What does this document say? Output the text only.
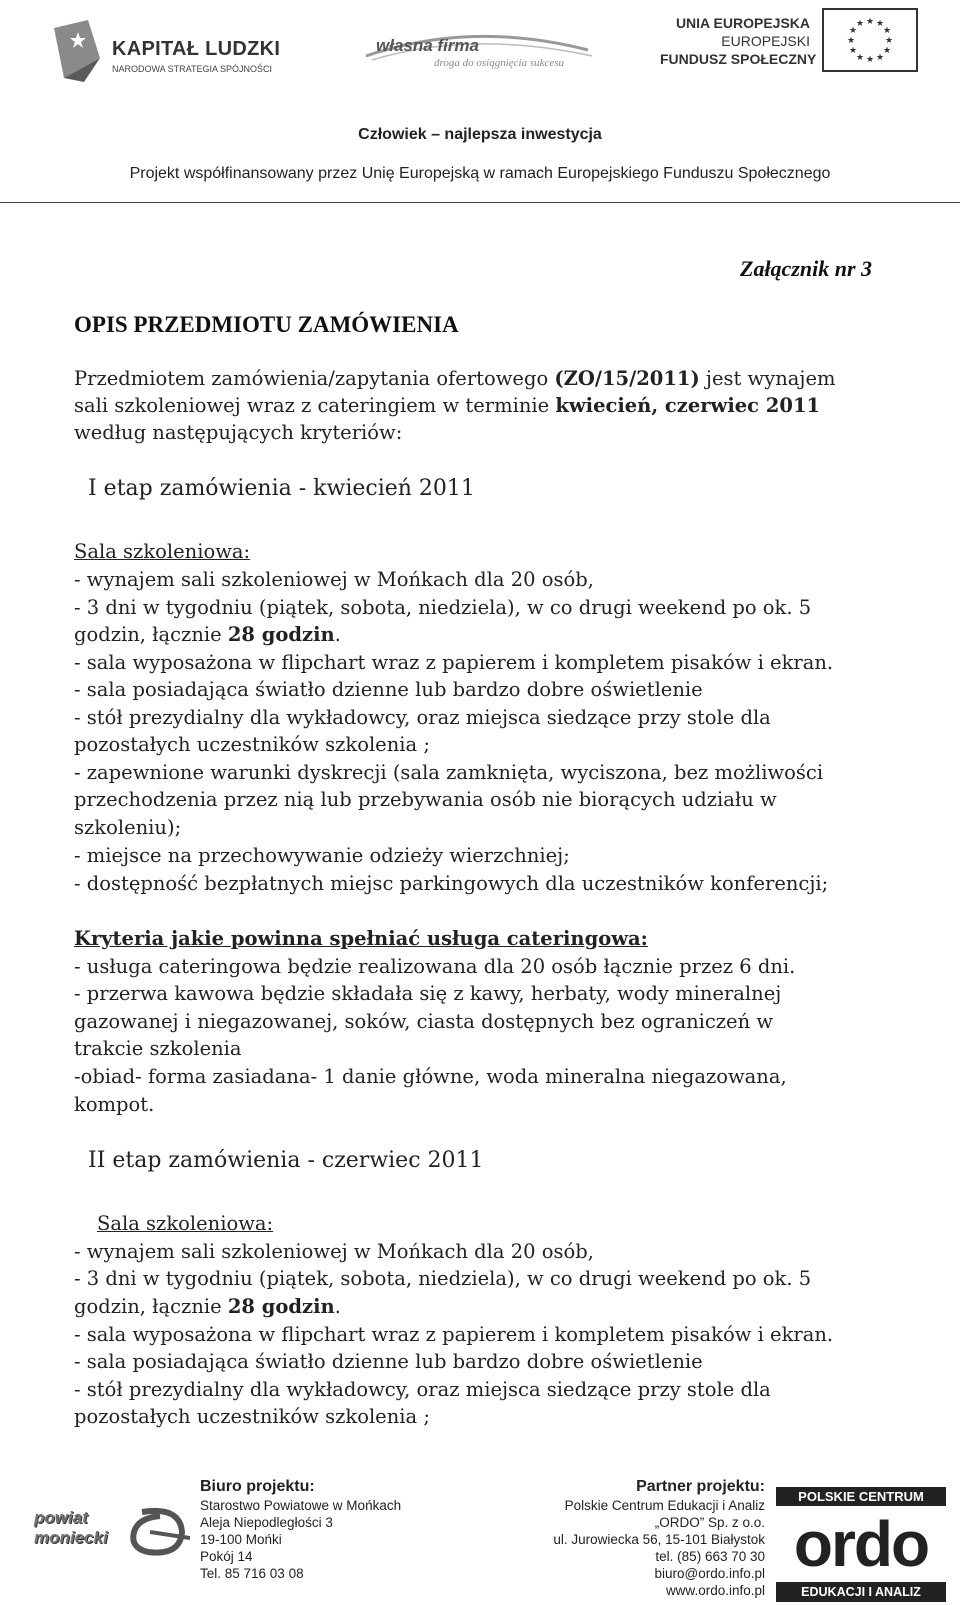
KAPITAŁ LUDZKI
NARODOWA STRATEGIA SPÓJNOŚCI
własna firma
droga do osiągnięcia sukcesu
UNIA EUROPEJSKA
EUROPEJSKI
FUNDUSZ SPOŁECZNY
★ ★
★
★
★
★
★
★
★
★
★
★
Człowiek – najlepsza inwestycja
Projekt współfinansowany przez Unię Europejską w ramach Europejskiego Funduszu Społecznego
Załącznik nr 3
OPIS PRZEDMIOTU ZAMÓWIENIA
Przedmiotem zamówienia/zapytania ofertowego (ZO/15/2011) jest wynajem
sali szkoleniowej wraz z cateringiem w terminie kwiecień, czerwiec 2011
według następujących kryteriów:
I etap zamówienia - kwiecień 2011
Sala szkoleniowa:
- wynajem sali szkoleniowej w Mońkach dla 20 osób,
- 3 dni w tygodniu (piątek, sobota, niedziela), w co drugi weekend po ok. 5
godzin, łącznie 28 godzin.
- sala wyposażona w flipchart wraz z papierem i kompletem pisaków i ekran.
- sala posiadająca światło dzienne lub bardzo dobre oświetlenie
- stół prezydialny dla wykładowcy, oraz miejsca siedzące przy stole dla
pozostałych uczestników szkolenia ;
- zapewnione warunki dyskrecji (sala zamknięta, wyciszona, bez możliwości
przechodzenia przez nią lub przebywania osób nie biorących udziału w
szkoleniu);
- miejsce na przechowywanie odzieży wierzchniej;
- dostępność bezpłatnych miejsc parkingowych dla uczestników konferencji;
Kryteria jakie powinna spełniać usługa cateringowa:
- usługa cateringowa będzie realizowana dla 20 osób łącznie przez 6 dni.
- przerwa kawowa będzie składała się z kawy, herbaty, wody mineralnej
gazowanej i niegazowanej, soków, ciasta dostępnych bez ograniczeń w
trakcie szkolenia
-obiad- forma zasiadana- 1 danie główne, woda mineralna niegazowana,
kompot.
II etap zamówienia - czerwiec 2011
Sala szkoleniowa:
- wynajem sali szkoleniowej w Mońkach dla 20 osób,
- 3 dni w tygodniu (piątek, sobota, niedziela), w co drugi weekend po ok. 5
godzin, łącznie 28 godzin.
- sala wyposażona w flipchart wraz z papierem i kompletem pisaków i ekran.
- sala posiadająca światło dzienne lub bardzo dobre oświetlenie
- stół prezydialny dla wykładowcy, oraz miejsca siedzące przy stole dla
pozostałych uczestników szkolenia ;
powiat
moniecki
Biuro projektu:
Starostwo Powiatowe w Mońkach
Aleja Niepodległości 3
19-100 Mońki
Pokój 14
Tel. 85 716 03 08
Partner projektu:
Polskie Centrum Edukacji i Analiz
„ORDO” Sp. z o.o.
ul. Jurowiecka 56, 15-101 Białystok
tel. (85) 663 70 30
biuro@ordo.info.pl
www.ordo.info.pl
POLSKIE CENTRUM
ordo
EDUKACJI I ANALIZ
